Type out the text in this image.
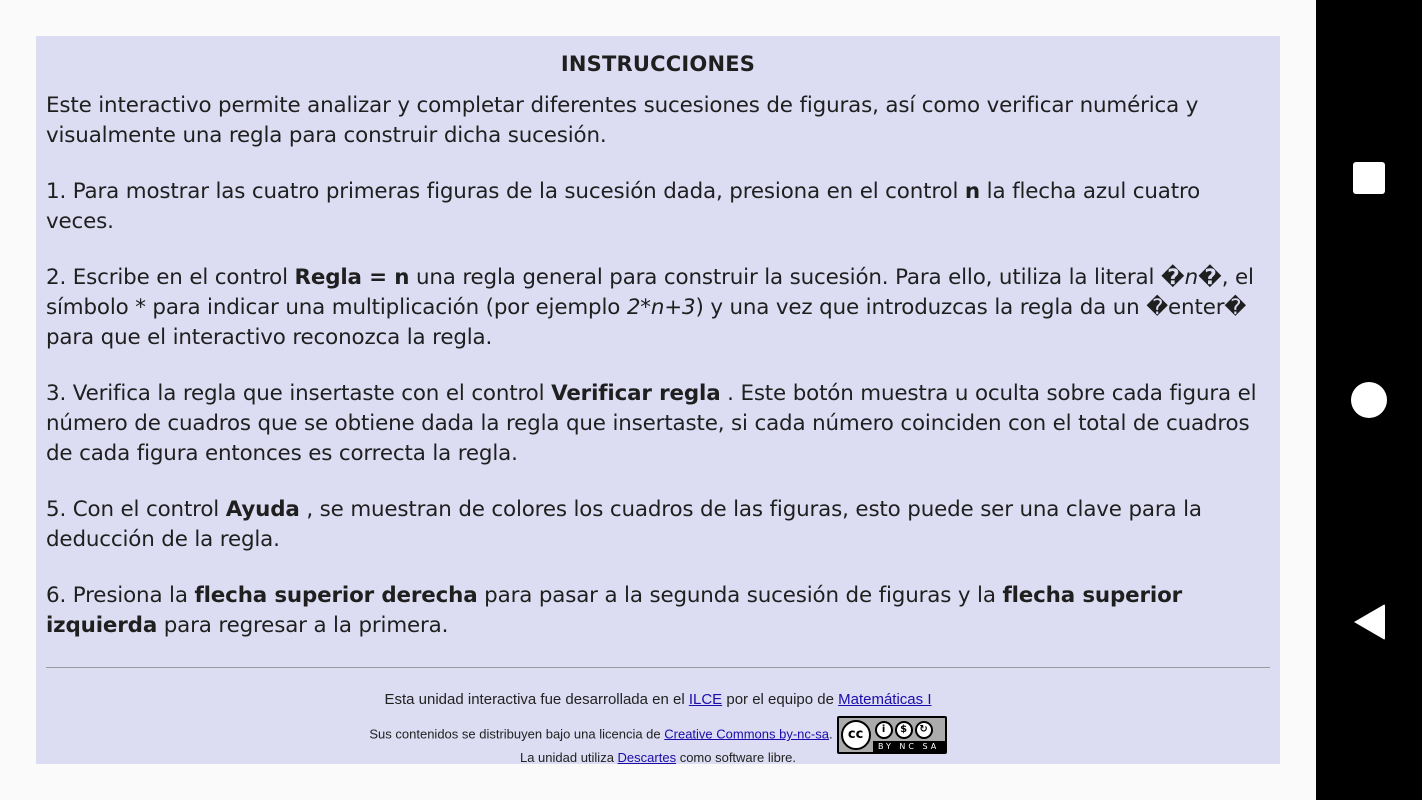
INSTRUCCIONES

Este interactivo permite analizar y completar diferentes sucesiones de figuras, así como verificar numérica y visualmente una regla para construir dicha sucesión.

1. Para mostrar las cuatro primeras figuras de la sucesión dada, presiona en el control n la flecha azul cuatro veces.

2. Escribe en el control Regla = n una regla general para construir la sucesión. Para ello, utiliza la literal �n�, el símbolo * para indicar una multiplicación (por ejemplo 2*n+3) y una vez que introduzcas la regla da un �enter� para que el interactivo reconozca la regla.

3. Verifica la regla que insertaste con el control Verificar regla . Este botón muestra u oculta sobre cada figura el número de cuadros que se obtiene dada la regla que insertaste, si cada número coinciden con el total de cuadros de cada figura entonces es correcta la regla.

5. Con el control Ayuda , se muestran de colores los cuadros de las figuras, esto puede ser una clave para la deducción de la regla.

6. Presiona la flecha superior derecha para pasar a la segunda sucesión de figuras y la flecha superior izquierda para regresar a la primera.

Esta unidad interactiva fue desarrollada en el ILCE por el equipo de Matemáticas I
Sus contenidos se distribuyen bajo una licencia de Creative Commons by-nc-sa.	cc	i	$	↻
BY NC SA
La unidad utiliza Descartes como software libre.
